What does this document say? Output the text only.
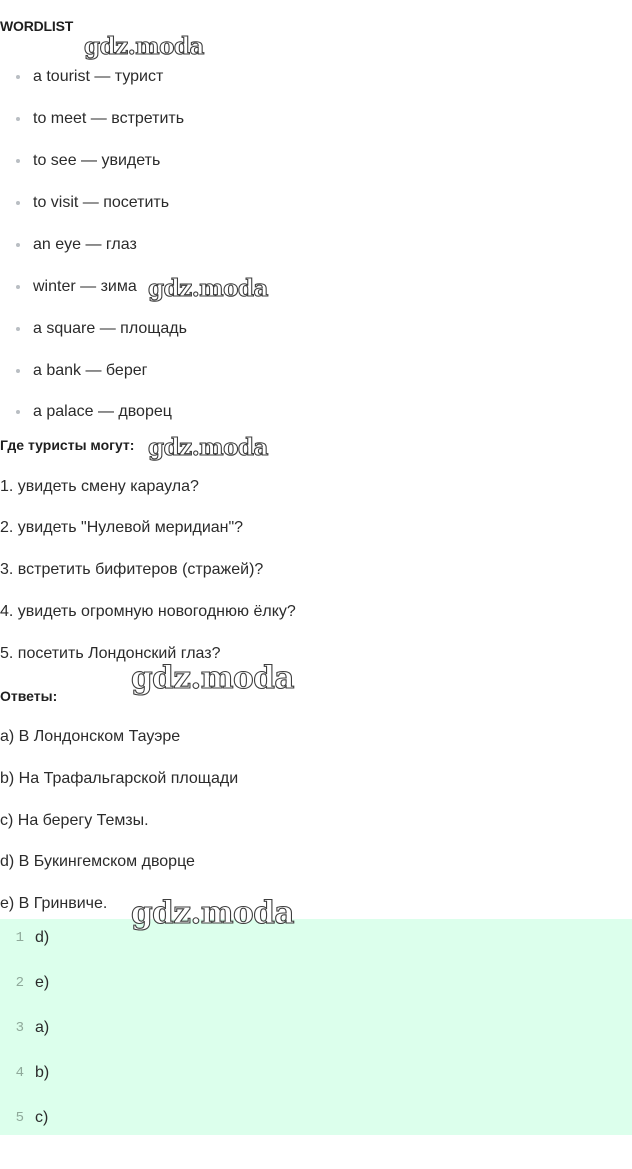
WORDLIST
a tourist — турист
to meet — встретить
to see — увидеть
to visit — посетить
an eye — глаз
winter — зима
a square — площадь
a bank — берег
a palace — дворец
Где туристы могут:
1. увидеть смену караула?
2. увидеть "Нулевой меридиан"?
3. встретить бифитеров (стражей)?
4. увидеть огромную новогоднюю ёлку?
5. посетить Лондонский глаз?
Ответы:
a) В Лондонском Тауэре
b) На Трафальгарской площади
c) На берегу Темзы.
d) В Букингемском дворце
e) В Гринвиче.
1 d)
2 e)
3 a)
4 b)
5 c)
gdz.moda
gdz.moda
gdz.moda
gdz.moda
gdz.moda
